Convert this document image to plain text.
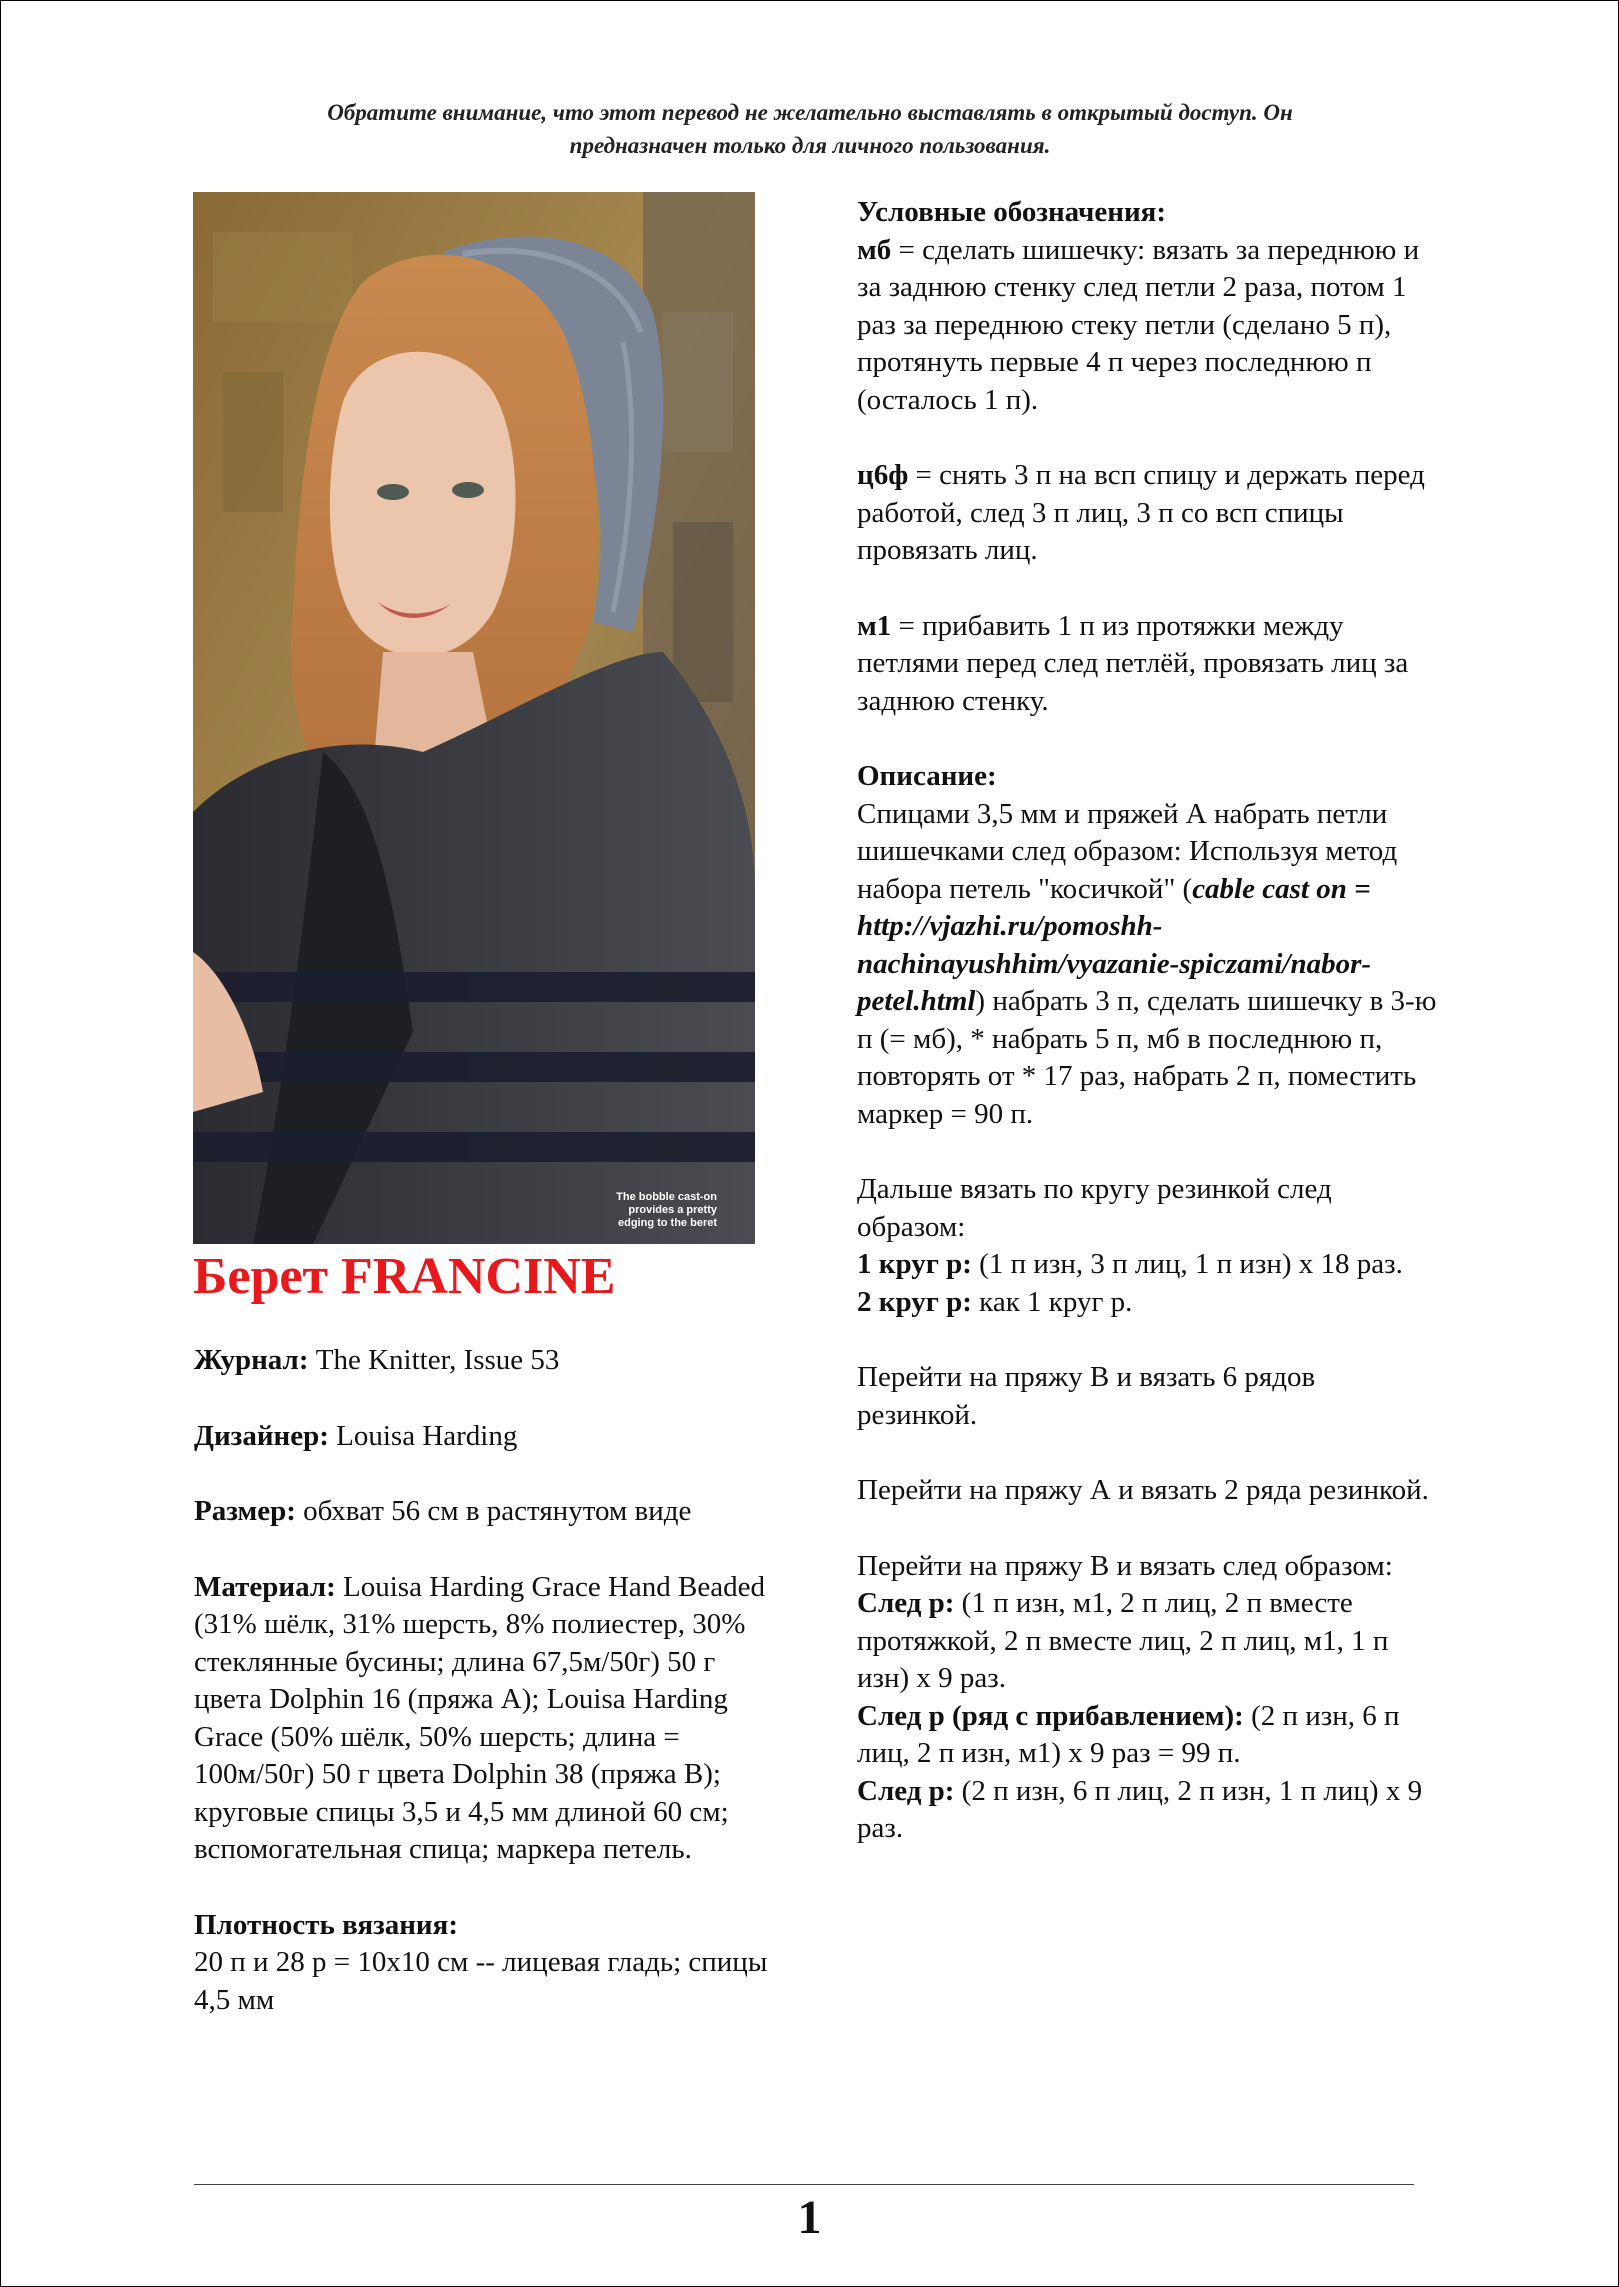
Обратите внимание, что этот перевод не желательно выставлять в открытый доступ. Он
предназначен только для личного пользования.
The bobble cast-on
provides a pretty
edging to the beret
Берет FRANCINE

Журнал: The Knitter, Issue 53

Дизайнер: Louisa Harding

Размер: обхват 56 см в растянутом виде

Материал: Louisa Harding Grace Hand Beaded (31% шёлк, 31% шерсть, 8% полиестер, 30% стеклянные бусины; длина 67,5м/50г) 50 г цвета Dolphin 16 (пряжа А); Louisa Harding Grace (50% шёлк, 50% шерсть; длина = 100м/50г) 50 г цвета Dolphin 38 (пряжа В); круговые спицы 3,5 и 4,5 мм длиной 60 см; вспомогательная спица; маркера петель.

Плотность вязания:
20 п и 28 р = 10х10 см -- лицевая гладь; спицы 4,5 мм

Условные обозначения:
мб = сделать шишечку: вязать за переднюю и за заднюю стенку след петли 2 раза, потом 1 раз за переднюю стеку петли (сделано 5 п), протянуть первые 4 п через последнюю п (осталось 1 п).

ц6ф = снять 3 п на всп спицу и держать перед работой, след 3 п лиц, 3 п со всп спицы провязать лиц.

м1 = прибавить 1 п из протяжки между петлями перед след петлёй, провязать лиц за заднюю стенку.

Описание:
Спицами 3,5 мм и пряжей А набрать петли шишечками след образом: Используя метод набора петель "косичкой" (cable cast on = http://vjazhi.ru/pomoshh-nachinayushhim/vyazanie-spiczami/nabor-petel.html) набрать 3 п, сделать шишечку в 3-ю п (= мб), * набрать 5 п, мб в последнюю п, повторять от * 17 раз, набрать 2 п, поместить маркер = 90 п.

Дальше вязать по кругу резинкой след образом:
1 круг р: (1 п изн, 3 п лиц, 1 п изн) х 18 раз.
2 круг р: как 1 круг р.

Перейти на пряжу В и вязать 6 рядов резинкой.

Перейти на пряжу А и вязать 2 ряда резинкой.

Перейти на пряжу В и вязать след образом:
След р: (1 п изн, м1, 2 п лиц, 2 п вместе протяжкой, 2 п вместе лиц, 2 п лиц, м1, 1 п изн) х 9 раз.
След р (ряд с прибавлением): (2 п изн, 6 п лиц, 2 п изн, м1) х 9 раз = 99 п.
След р: (2 п изн, 6 п лиц, 2 п изн, 1 п лиц) х 9 раз.

1
